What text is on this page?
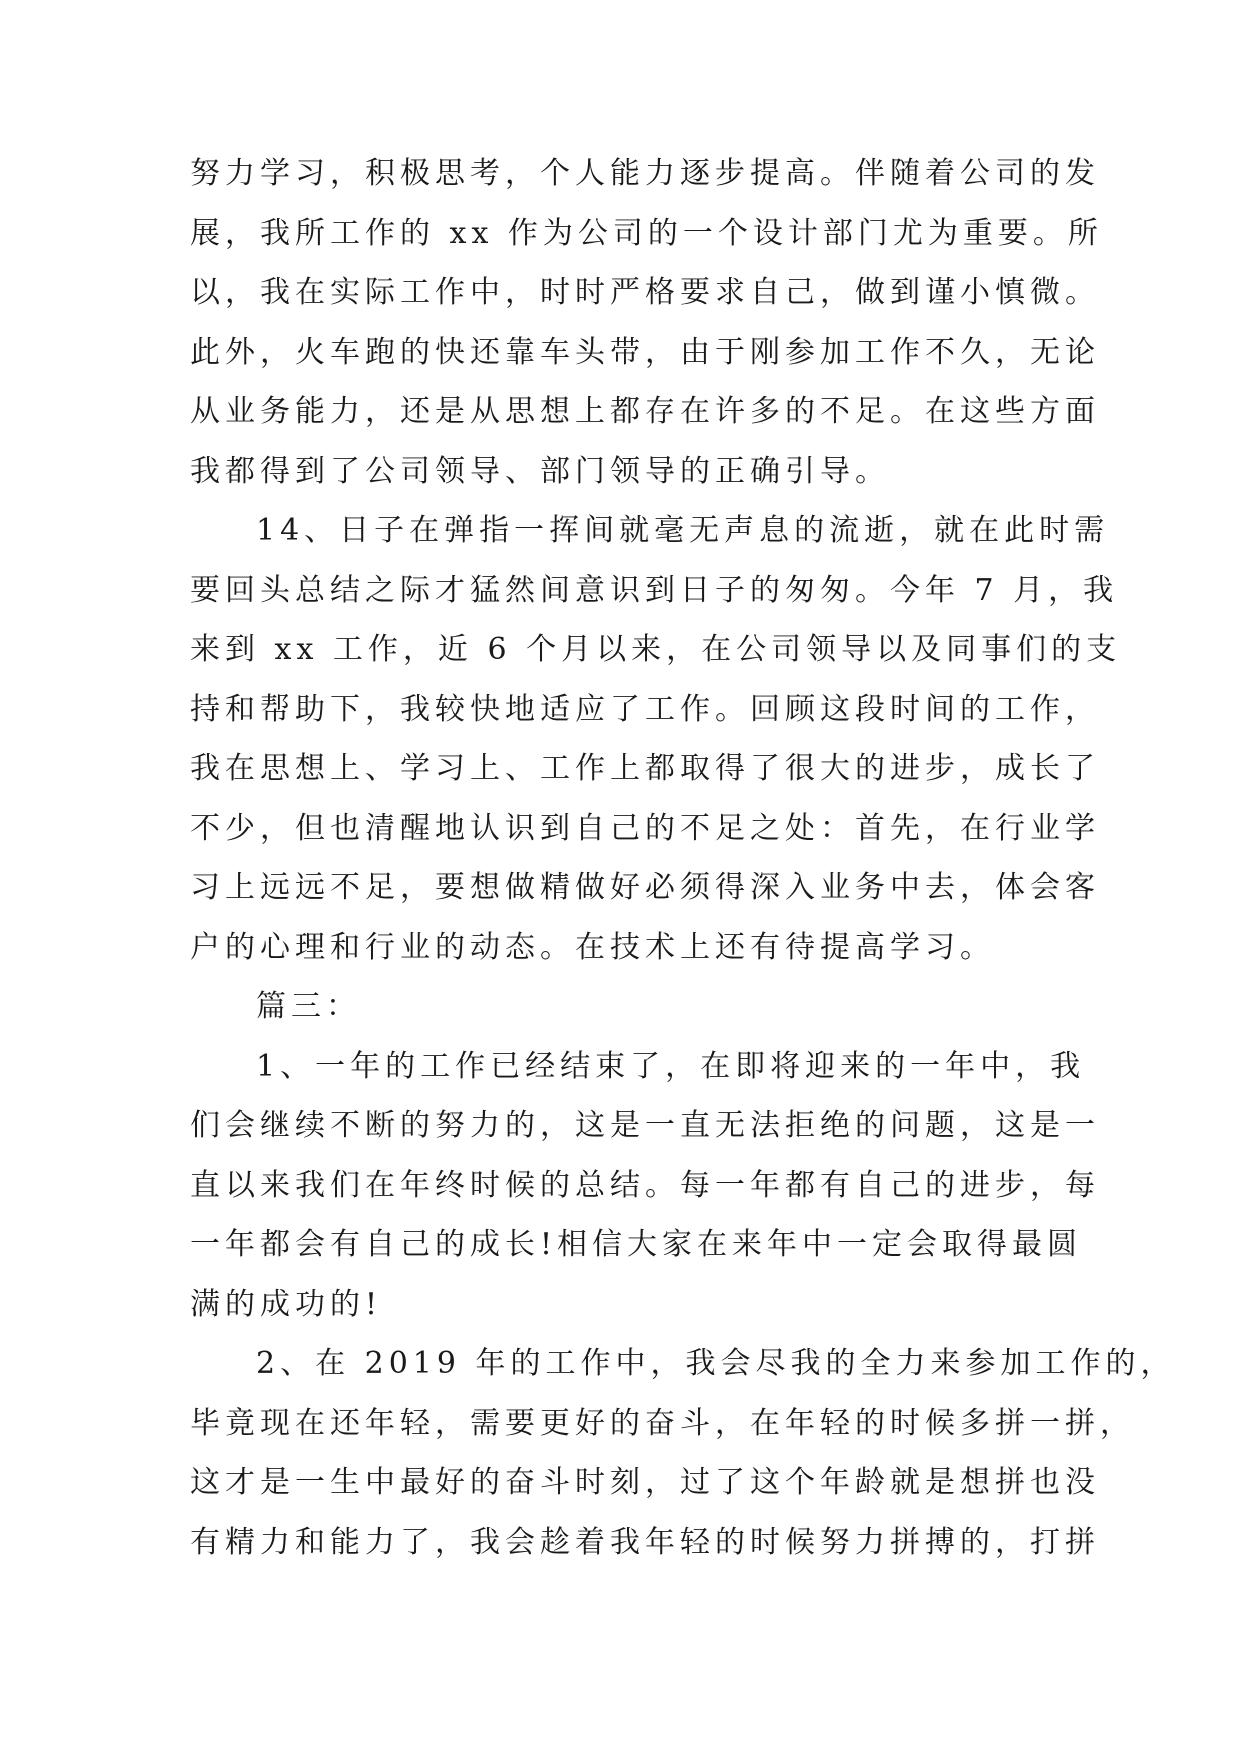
努力学习，积极思考，个人能力逐步提高。伴随着公司的发
展，我所工作的 xx 作为公司的一个设计部门尤为重要。所
以，我在实际工作中，时时严格要求自己，做到谨小慎微。
此外，火车跑的快还靠车头带，由于刚参加工作不久，无论
从业务能力，还是从思想上都存在许多的不足。在这些方面
我都得到了公司领导、部门领导的正确引导。
14、日子在弹指一挥间就毫无声息的流逝，就在此时需
要回头总结之际才猛然间意识到日子的匆匆。今年 7 月，我
来到 xx 工作，近 6 个月以来，在公司领导以及同事们的支
持和帮助下，我较快地适应了工作。回顾这段时间的工作，
我在思想上、学习上、工作上都取得了很大的进步，成长了
不少，但也清醒地认识到自己的不足之处：首先，在行业学
习上远远不足，要想做精做好必须得深入业务中去，体会客
户的心理和行业的动态。在技术上还有待提高学习。
篇三：
1、一年的工作已经结束了，在即将迎来的一年中，我
们会继续不断的努力的，这是一直无法拒绝的问题，这是一
直以来我们在年终时候的总结。每一年都有自己的进步，每
一年都会有自己的成长!相信大家在来年中一定会取得最圆
满的成功的!
2、在 2019 年的工作中，我会尽我的全力来参加工作的，
毕竟现在还年轻，需要更好的奋斗，在年轻的时候多拼一拼，
这才是一生中最好的奋斗时刻，过了这个年龄就是想拼也没
有精力和能力了，我会趁着我年轻的时候努力拼搏的，打拼
